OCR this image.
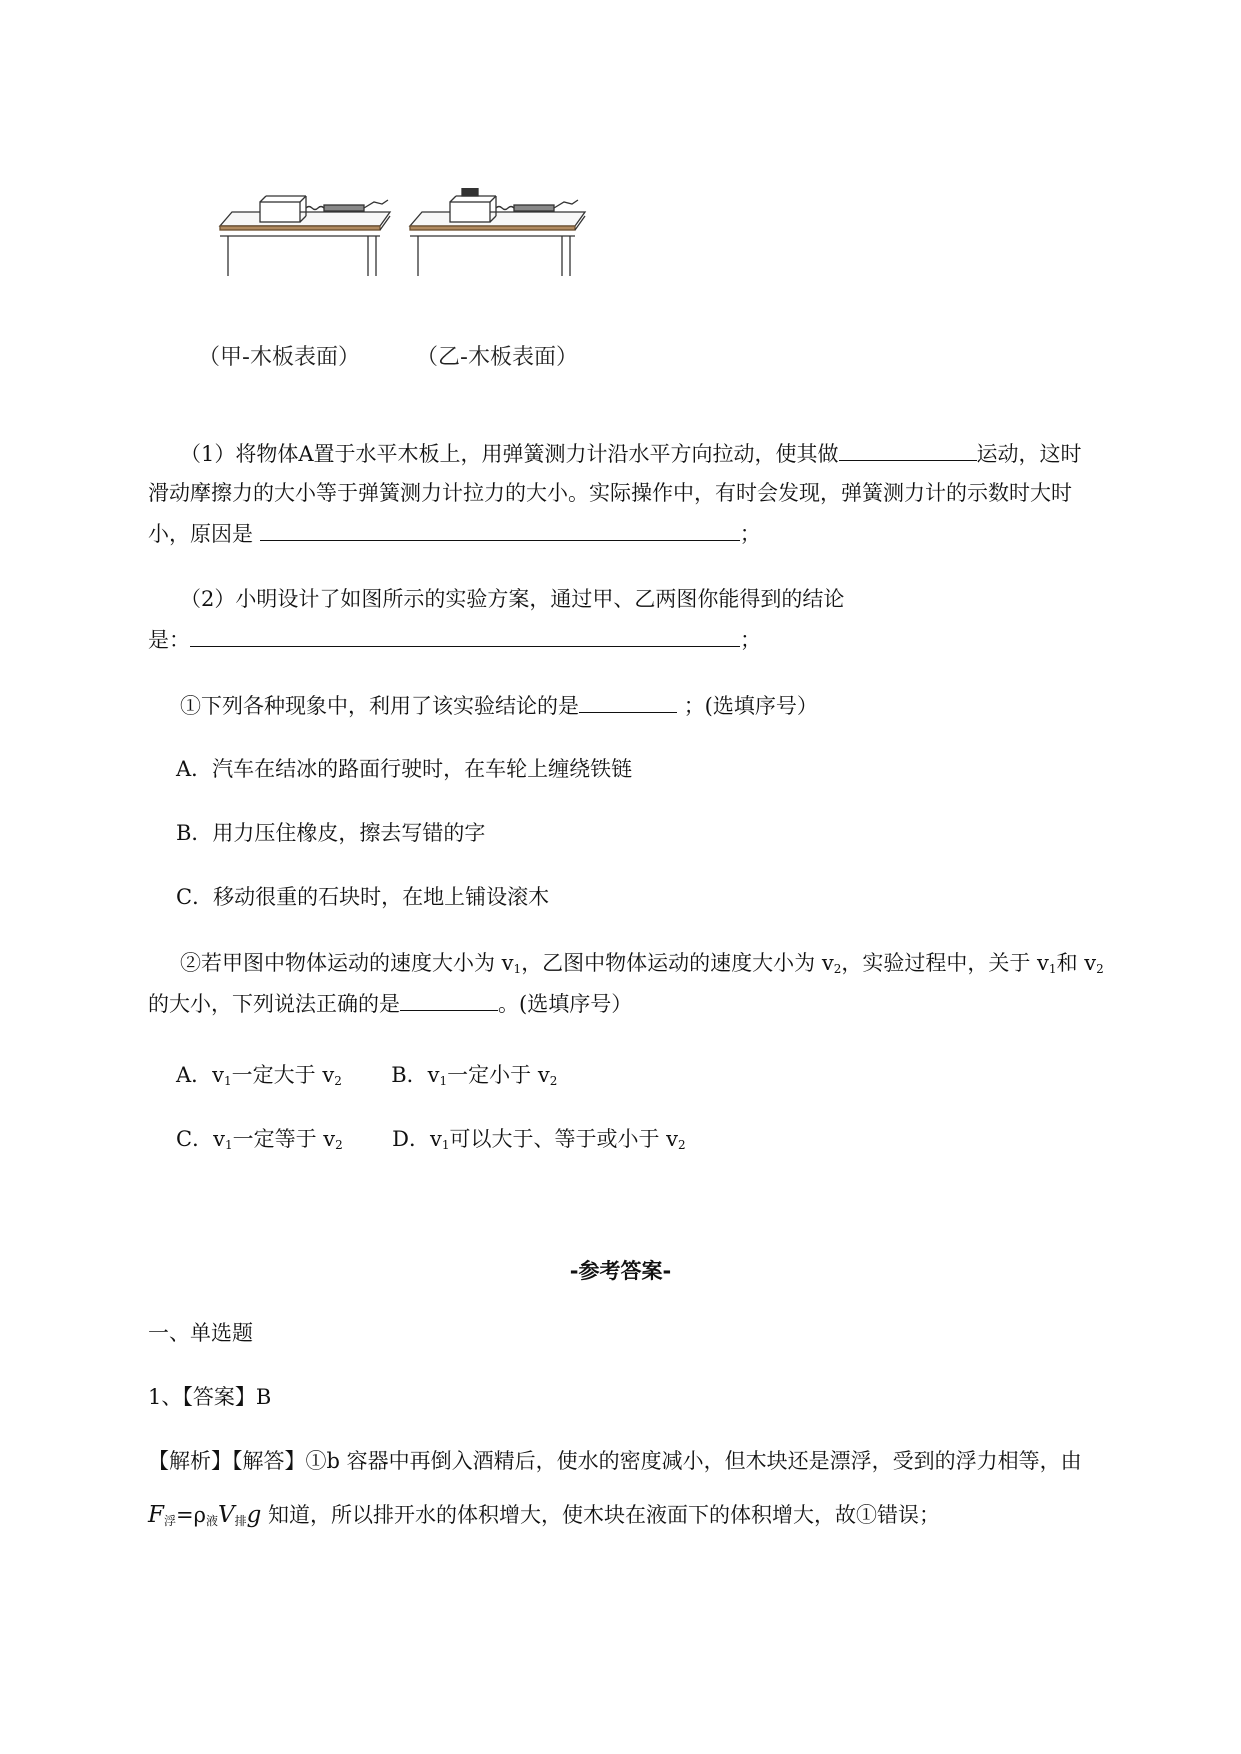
（甲-木板表面）	（乙-木板表面）
（1）将物体A置于水平木板上，用弹簧测力计沿水平方向拉动，使其做	运动，这时
滑动摩擦力的大小等于弹簧测力计拉力的大小。实际操作中，有时会发现，弹簧测力计的示数时大时
小，原因是	；
（2）小明设计了如图所示的实验方案，通过甲、乙两图你能得到的结论
是：	；
①下列各种现象中，利用了该实验结论的是	；(选填序号）
A．汽车在结冰的路面行驶时，在车轮上缠绕铁链
B．用力压住橡皮，擦去写错的字
C．移动很重的石块时，在地上铺设滚木
②若甲图中物体运动的速度大小为 $v_1$，乙图中物体运动的速度大小为 $v_2$，实验过程中，关于 $v_1$和 $v_2$
的大小，下列说法正确的是	。(选填序号）
A．$v_1$一定大于 $v_2$ B．$v_1$一定小于 $v_2$
C．$v_1$一定等于 $v_2$ D．$v_1$可以大于、等于或小于 $v_2$
-参考答案-
一、单选题
1、【答案】B
【解析】【解答】①b 容器中再倒入酒精后，使水的密度减小，但木块还是漂浮，受到的浮力相等，由
$F_浮=\rho_液V_排g$ 知道，所以排开水的体积增大，使木块在液面下的体积增大，故①错误；
